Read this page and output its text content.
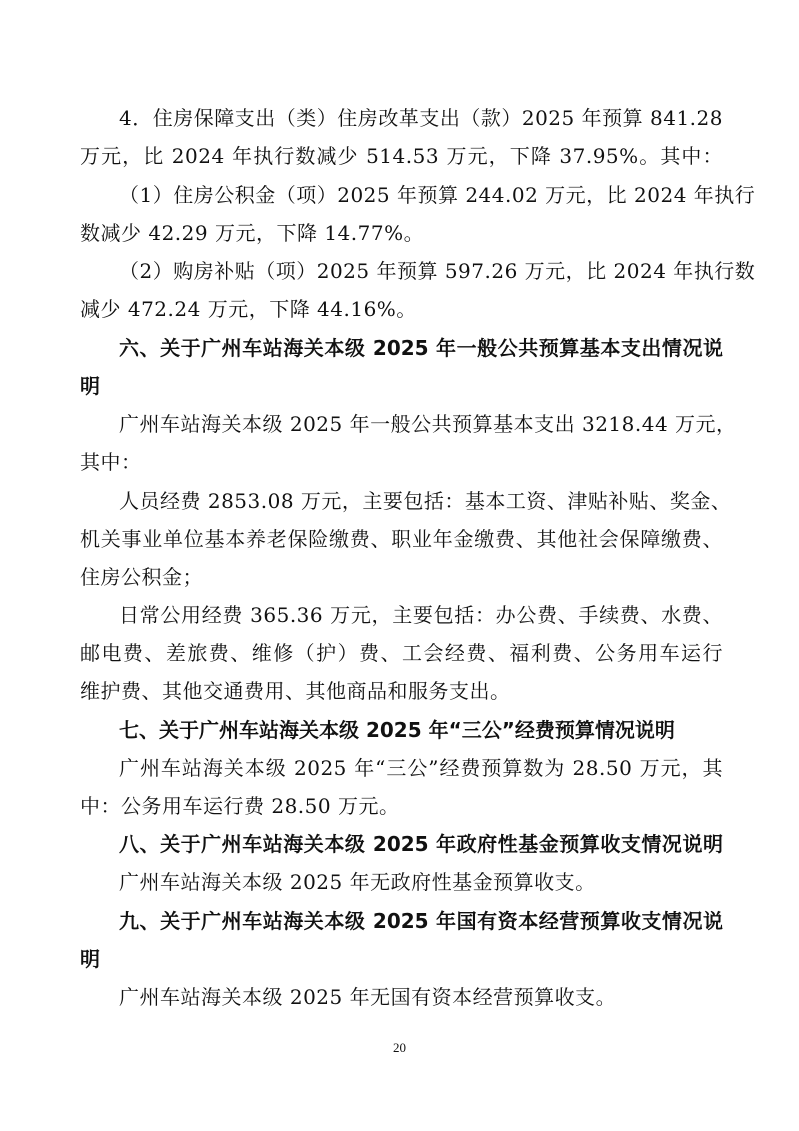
4．住房保障支出（类）住房改革支出（款）2025 年预算 841.28
万元，比 2024 年执行数减少 514.53 万元，下降 37.95%。其中：
（1）住房公积金（项）2025 年预算 244.02 万元，比 2024 年执行
数减少 42.29 万元，下降 14.77%。
（2）购房补贴（项）2025 年预算 597.26 万元，比 2024 年执行数
减少 472.24 万元，下降 44.16%。
六、关于广州车站海关本级 2025 年一般公共预算基本支出情况说
明
广州车站海关本级 2025 年一般公共预算基本支出 3218.44 万元，
其中：
人员经费 2853.08 万元，主要包括：基本工资、津贴补贴、奖金、
机关事业单位基本养老保险缴费、职业年金缴费、其他社会保障缴费、
住房公积金；
日常公用经费 365.36 万元，主要包括：办公费、手续费、水费、
邮电费、差旅费、维修（护）费、工会经费、福利费、公务用车运行
维护费、其他交通费用、其他商品和服务支出。
七、关于广州车站海关本级 2025 年“三公”经费预算情况说明
广州车站海关本级 2025 年“三公”经费预算数为 28.50 万元，其
中：公务用车运行费 28.50 万元。
八、关于广州车站海关本级 2025 年政府性基金预算收支情况说明
广州车站海关本级 2025 年无政府性基金预算收支。
九、关于广州车站海关本级 2025 年国有资本经营预算收支情况说
明
广州车站海关本级 2025 年无国有资本经营预算收支。
20
